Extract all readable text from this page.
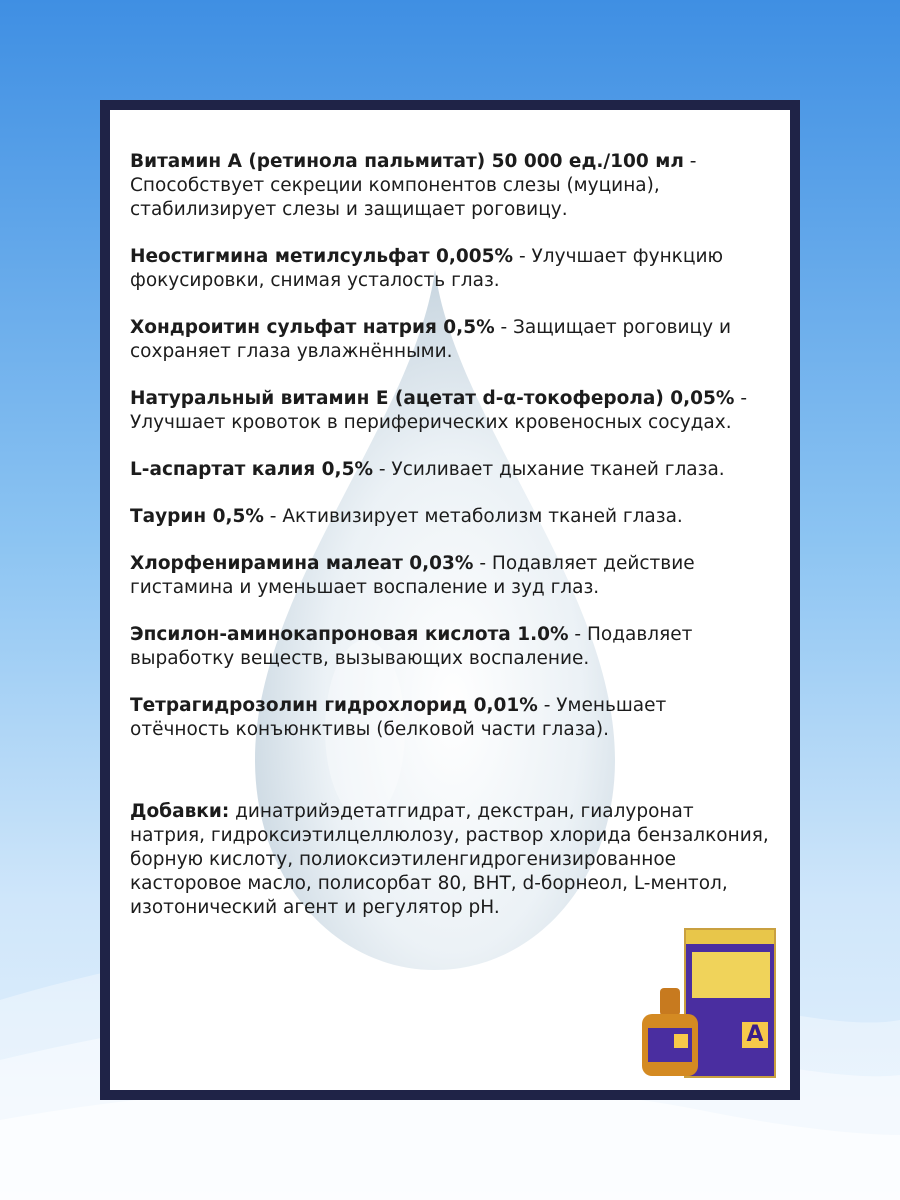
Витамин А (ретинола пальмитат) 50 000 ед./100 мл - Способствует секреции компонентов слезы (муцина), стабилизирует слезы и защищает роговицу.

Неостигмина метилсульфат 0,005% - Улучшает функцию фокусировки, снимая усталость глаз.

Хондроитин сульфат натрия 0,5% - Защищает роговицу и сохраняет глаза увлажнёнными.

Натуральный витамин Е (ацетат d-α-токоферола) 0,05% - Улучшает кровоток в периферических кровеносных сосудах.

L-аспартат калия 0,5% - Усиливает дыхание тканей глаза.

Таурин 0,5% - Активизирует метаболизм тканей глаза.

Хлорфенирамина малеат 0,03% - Подавляет действие гистамина и уменьшает воспаление и зуд глаз.

Эпсилон-аминокапроновая кислота 1.0% - Подавляет выработку веществ, вызывающих воспаление.

Тетрагидрозолин гидрохлорид 0,01% - Уменьшает отёчность конъюнктивы (белковой части глаза).

Добавки: динатрийэдетатгидрат, декстран, гиалуронат натрия, гидроксиэтилцеллюлозу, раствор хлорида бензалкония, борную кислоту, полиоксиэтиленгидрогенизированное касторовое масло, полисорбат 80, BHT, d-борнеол, L-ментол, изотонический агент и регулятор pH.

A
